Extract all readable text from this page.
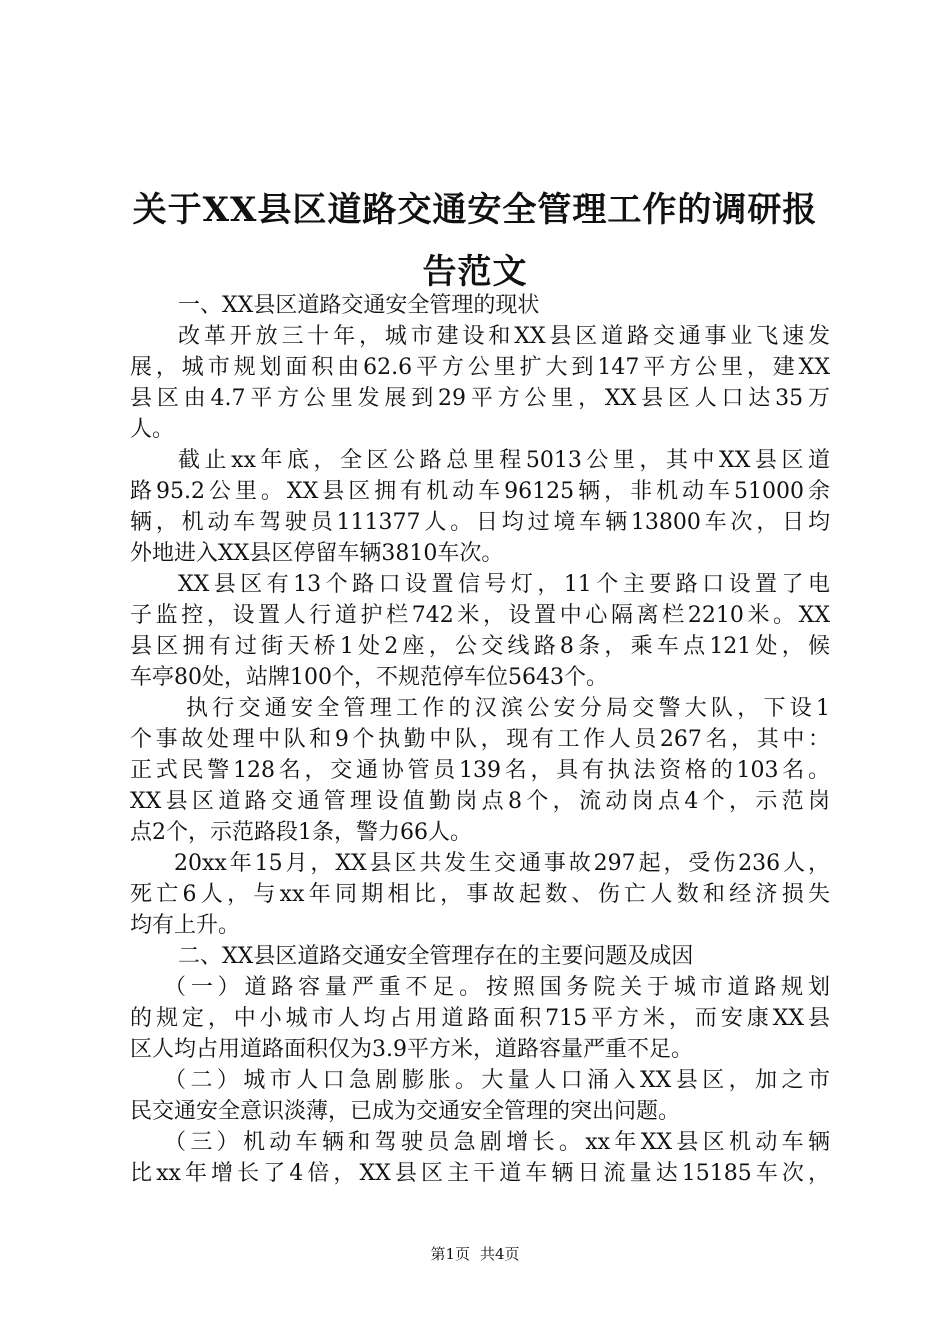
关于XX县区道路交通安全管理工作的调研报
告范文
一、XX县区道路交通安全管理的现状
改革开放三十年，城市建设和XX县区道路交通事业飞速发
展，城市规划面积由62.6平方公里扩大到147平方公里，建XX
县区由4.7平方公里发展到29平方公里，XX县区人口达35万
人。
截止xx年底，全区公路总里程5013公里，其中XX县区道
路95.2公里。XX县区拥有机动车96125辆，非机动车51000余
辆，机动车驾驶员111377人。日均过境车辆13800车次，日均
外地进入XX县区停留车辆3810车次。
XX县区有13个路口设置信号灯，11个主要路口设置了电
子监控，设置人行道护栏742米，设置中心隔离栏2210米。XX
县区拥有过街天桥1处2座，公交线路8条，乘车点121处，候
车亭80处，站牌100个，不规范停车位5643个。
执行交通安全管理工作的汉滨公安分局交警大队，下设1
个事故处理中队和9个执勤中队，现有工作人员267名，其中：
正式民警128名，交通协管员139名，具有执法资格的103名。
XX县区道路交通管理设值勤岗点8个，流动岗点4个，示范岗
点2个，示范路段1条，警力66人。
20xx年15月，XX县区共发生交通事故297起，受伤236人，
死亡6人，与xx年同期相比，事故起数、伤亡人数和经济损失
均有上升。
二、XX县区道路交通安全管理存在的主要问题及成因
（一）道路容量严重不足。按照国务院关于城市道路规划
的规定，中小城市人均占用道路面积715平方米，而安康XX县
区人均占用道路面积仅为3.9平方米，道路容量严重不足。
（二）城市人口急剧膨胀。大量人口涌入XX县区，加之市
民交通安全意识淡薄，已成为交通安全管理的突出问题。
（三）机动车辆和驾驶员急剧增长。xx年XX县区机动车辆
比xx年增长了4倍，XX县区主干道车辆日流量达15185车次，
第1页 共4页
